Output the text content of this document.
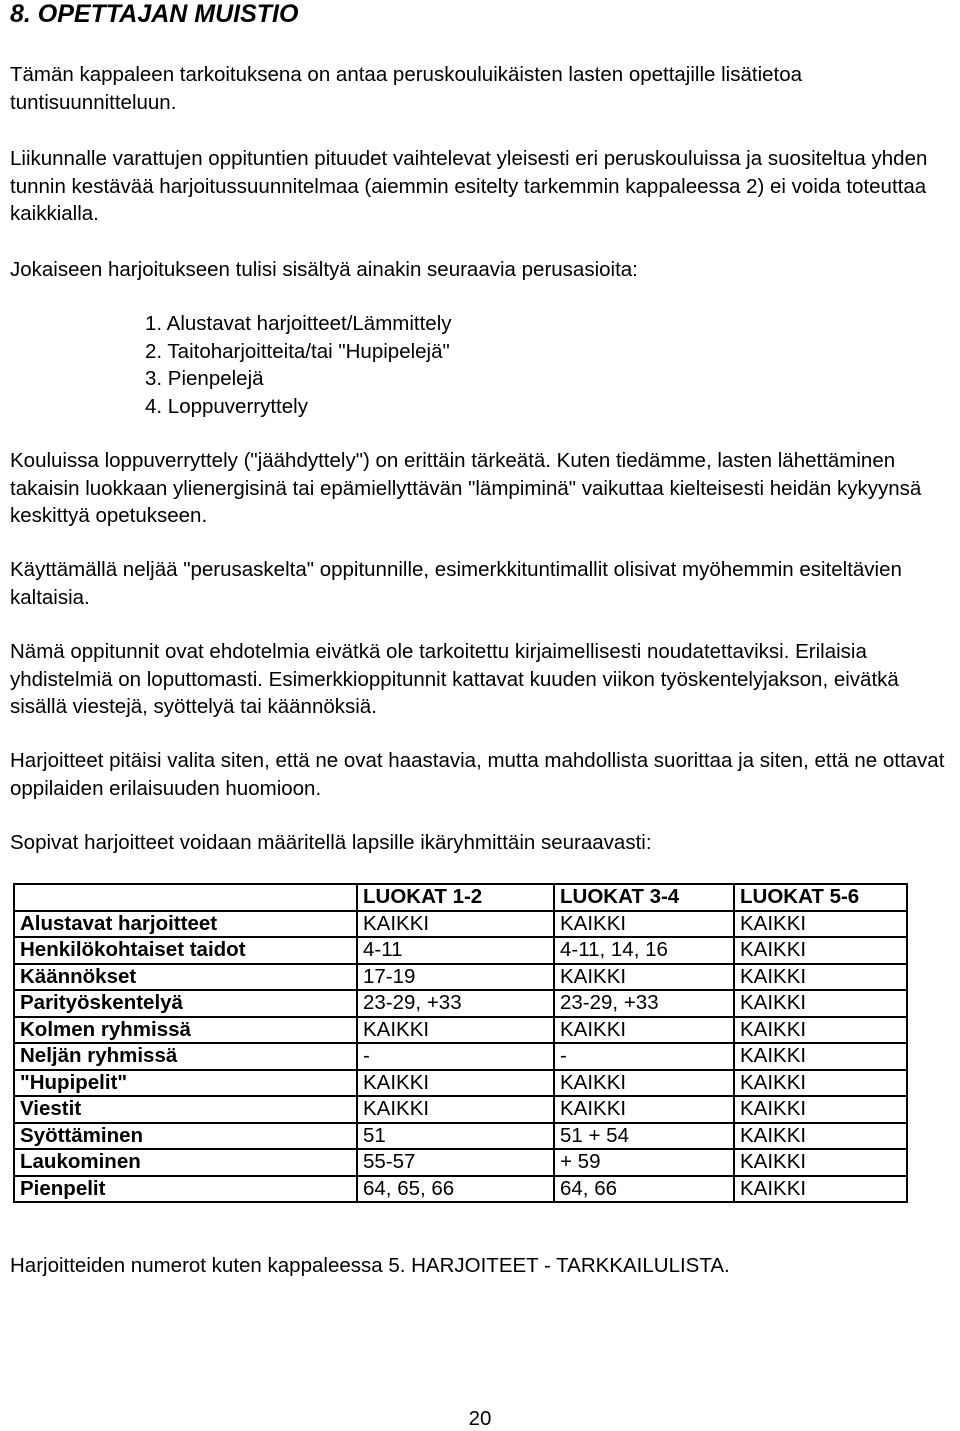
8. OPETTAJAN MUISTIO

Tämän kappaleen tarkoituksena on antaa peruskouluikäisten lasten opettajille lisätietoa tuntisuunnitteluun.

Liikunnalle varattujen oppituntien pituudet vaihtelevat yleisesti eri peruskouluissa ja suositeltua yhden tunnin kestävää harjoitussuunnitelmaa (aiemmin esitelty tarkemmin kappaleessa 2) ei voida toteuttaa kaikkialla.

Jokaiseen harjoitukseen tulisi sisältyä ainakin seuraavia perusasioita:

1. Alustavat harjoitteet/Lämmittely
2. Taitoharjoitteita/tai "Hupipelejä"
3. Pienpelejä
4. Loppuverryttely

Kouluissa loppuverryttely ("jäähdyttely") on erittäin tärkeätä. Kuten tiedämme, lasten lähettäminen takaisin luokkaan ylienergisinä tai epämiellyttävän "lämpiminä" vaikuttaa kielteisesti heidän kykyynsä keskittyä opetukseen.

Käyttämällä neljää "perusaskelta" oppitunnille, esimerkkituntimallit olisivat myöhemmin esiteltävien kaltaisia.

Nämä oppitunnit ovat ehdotelmia eivätkä ole tarkoitettu kirjaimellisesti noudatettaviksi. Erilaisia yhdistelmiä on loputtomasti. Esimerkkioppitunnit kattavat kuuden viikon työskentelyjakson, eivätkä sisällä viestejä, syöttelyä tai käännöksiä.

Harjoitteet pitäisi valita siten, että ne ovat haastavia, mutta mahdollista suorittaa ja siten, että ne ottavat oppilaiden erilaisuuden huomioon.

Sopivat harjoitteet voidaan määritellä lapsille ikäryhmittäin seuraavasti:

	LUOKAT 1-2	LUOKAT 3-4	LUOKAT 5-6
Alustavat harjoitteet	KAIKKI	KAIKKI	KAIKKI
Henkilökohtaiset taidot	4-11	4-11, 14, 16	KAIKKI
Käännökset	17-19	KAIKKI	KAIKKI
Parityöskentelyä	23-29, +33	23-29, +33	KAIKKI
Kolmen ryhmissä	KAIKKI	KAIKKI	KAIKKI
Neljän ryhmissä	-	-	KAIKKI
"Hupipelit"	KAIKKI	KAIKKI	KAIKKI
Viestit	KAIKKI	KAIKKI	KAIKKI
Syöttäminen	51	51 + 54	KAIKKI
Laukominen	55-57	+ 59	KAIKKI
Pienpelit	64, 65, 66	64, 66	KAIKKI

Harjoitteiden numerot kuten kappaleessa 5. HARJOITEET - TARKKAILULISTA.

20
